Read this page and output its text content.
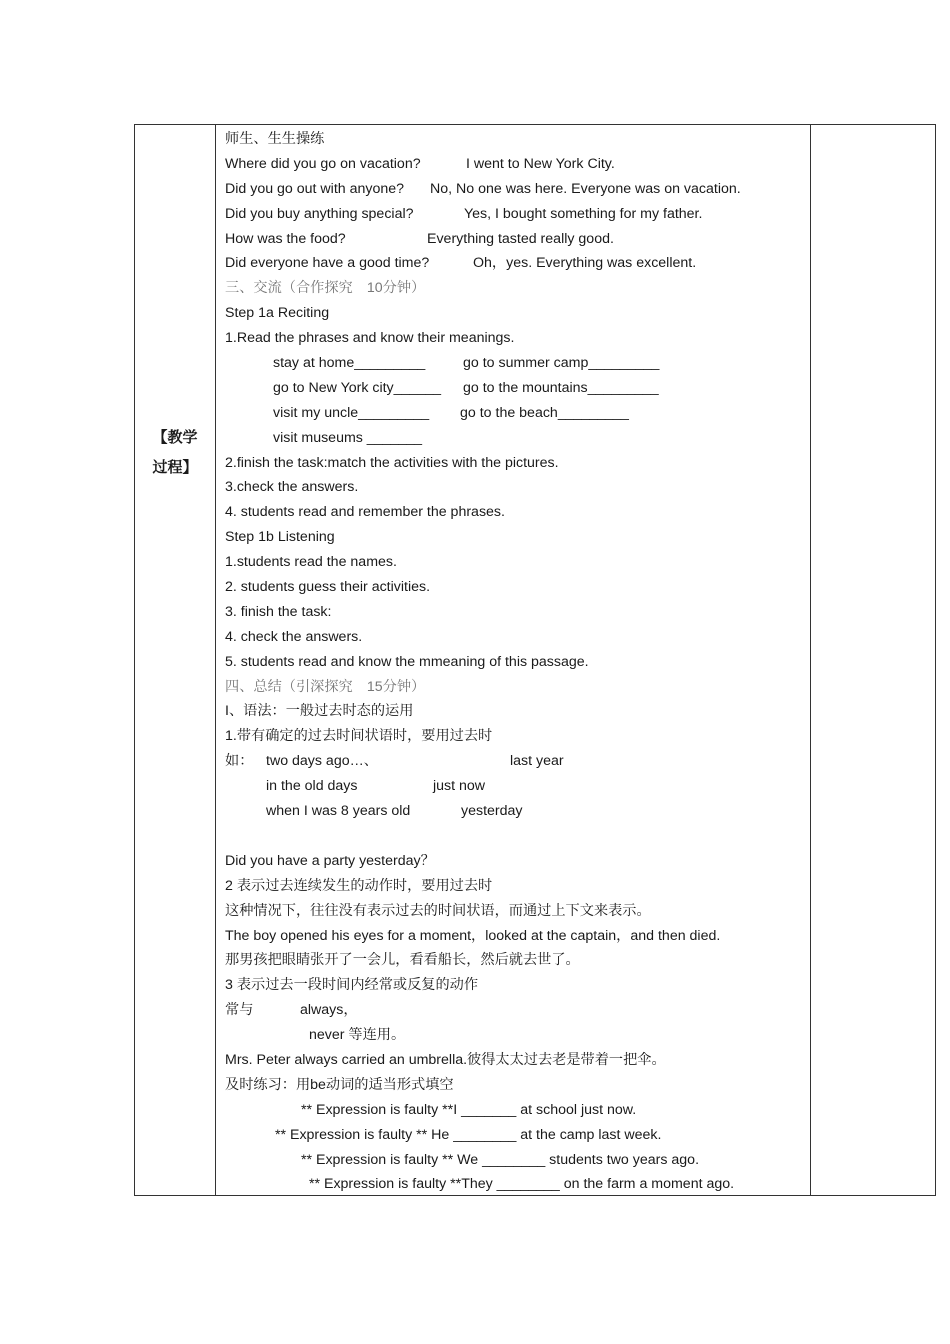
【教学
过程】
师生、生生操练
Where did you go on vacation?	I went to New York City.
Did you go out with anyone? No, No one was here. Everyone was on vacation.
Did you buy anything special?	Yes, I bought something for my father.
How was the food?	Everything tasted really good.
Did everyone have a good time?	Oh，yes. Everything was excellent.
三、交流（合作探究　10分钟）
Step 1a Reciting
1.Read the phrases and know their meanings.
stay at home_________	go to summer camp_________
go to New York city______ go to the mountains_________
visit my uncle_________ go to the beach_________
visit museums _______
2.finish the task:match the activities with the pictures.
3.check the answers.
4. students read and remember the phrases.
Step 1b Listening
1.students read the names.
2. students guess their activities.
3. finish the task:
4. check the answers.
5. students read and know the mmeaning of this passage.
四、总结（引深探究　15分钟）
I、语法：一般过去时态的运用
1.带有确定的过去时间状语时，要用过去时
如： two days ago…、	last year
in the old days	just now
when I was 8 years old	yesterday
Did you have a party yesterday？
2 表示过去连续发生的动作时，要用过去时
这种情况下，往往没有表示过去的时间状语，而通过上下文来表示。
The boy opened his eyes for a moment，looked at the captain，and then died.
那男孩把眼睛张开了一会儿，看看船长，然后就去世了。
3 表示过去一段时间内经常或反复的动作
常与	always，
never 等连用。
Mrs. Peter always carried an umbrella.彼得太太过去老是带着一把伞。
及时练习：用be动词的适当形式填空
** Expression is faulty **I _______ at school just now.
** Expression is faulty ** He ________ at the camp last week.
** Expression is faulty ** We ________ students two years ago.
** Expression is faulty **They ________ on the farm a moment ago.
